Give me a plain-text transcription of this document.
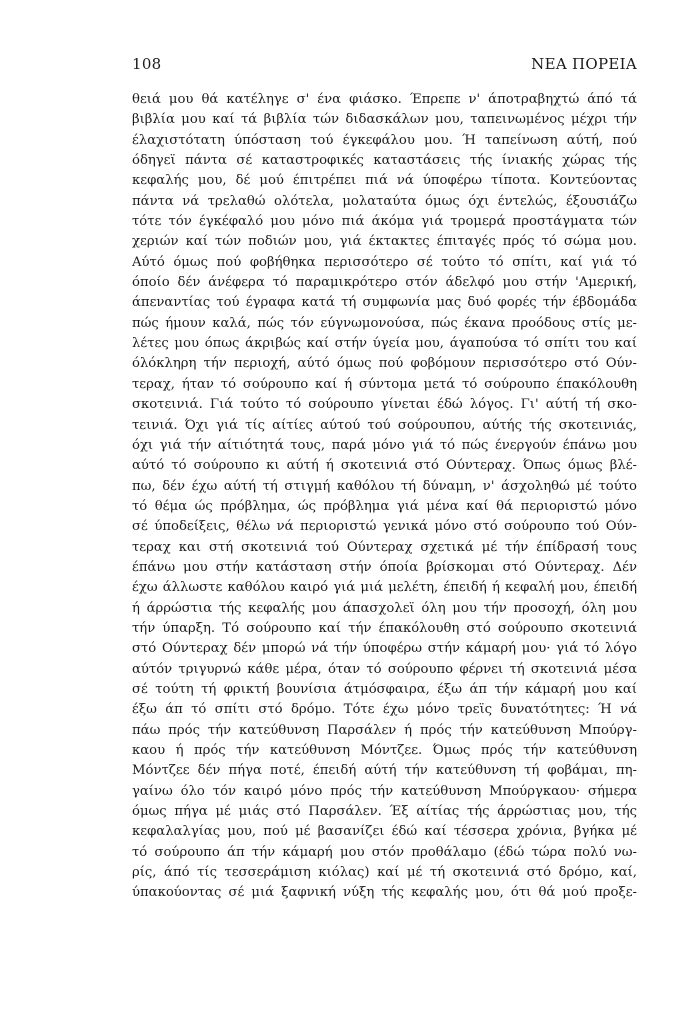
108	ΝΕΑ ΠΟΡΕΙΑ
θειά μου θά κατέληγε σ' ένα φιάσκο. Έπρεπε ν' άποτραβηχτώ άπό τά
βιβλία μου καί τά βιβλία τών διδασκάλων μου, ταπεινωμένος μέχρι τήν
έλαχιστότατη ύπόσταση τού έγκεφάλου μου. Ή ταπείνωση αύτή, πού
όδηγεϊ πάντα σέ καταστροφικές καταστάσεις τής ίνιακής χώρας τής
κεφαλής μου, δέ μού έπιτρέπει πιά νά ύποφέρω τίποτα. Κοντεύοντας
πάντα νά τρελαθώ ολότελα, μολαταύτα όμως όχι έντελώς, έξουσιάζω
τότε τόν έγκέφαλό μου μόνο πιά άκόμα γιά τρομερά προστάγματα τών
χεριών καί τών ποδιών μου, γιά έκτακτες έπιταγές πρός τό σώμα μου.
Αύτό όμως πού φοβήθηκα περισσότερο σέ τούτο τό σπίτι, καί γιά τό
όποίο δέν άνέφερα τό παραμικρότερο στόν άδελφό μου στήν 'Αμερική,
άπεναντίας τού έγραφα κατά τή συμφωνία μας δυό φορές τήν έβδομάδα
πώς ήμουν καλά, πώς τόν εύγνωμονούσα, πώς έκανα προόδους στίς με-
λέτες μου όπως άκριβώς καί στήν ύγεία μου, άγαπούσα τό σπίτι του καί
όλόκληρη τήν περιοχή, αύτό όμως πού φοβόμουν περισσότερο στό Ούν-
τεραχ, ήταν τό σούρουπο καί ή σύντομα μετά τό σούρουπο έπακόλουθη
σκοτεινιά. Γιά τούτο τό σούρουπο γίνεται έδώ λόγος. Γι' αύτή τή σκο-
τεινιά. Όχι γιά τίς αίτίες αύτού τού σούρουπου, αύτής τής σκοτεινιάς,
όχι γιά τήν αίτιότητά τους, παρά μόνο γιά τό πώς ένεργούν έπάνω μου
αύτό τό σούρουπο κι αύτή ή σκοτεινιά στό Ούντεραχ. Όπως όμως βλέ-
πω, δέν έχω αύτή τή στιγμή καθόλου τή δύναμη, ν' άσχοληθώ μέ τούτο
τό θέμα ώς πρόβλημα, ώς πρόβλημα γιά μένα καί θά περιοριστώ μόνο
σέ ύποδείξεις, θέλω νά περιοριστώ γενικά μόνο στό σούρουπο τού Ούν-
τεραχ και στή σκοτεινιά τού Ούντεραχ σχετικά μέ τήν έπίδρασή τους
έπάνω μου στήν κατάσταση στήν όποία βρίσκομαι στό Ούντεραχ. Δέν
έχω άλλωστε καθόλου καιρό γιά μιά μελέτη, έπειδή ή κεφαλή μου, έπειδή
ή άρρώστια τής κεφαλής μου άπασχολεϊ όλη μου τήν προσοχή, όλη μου
τήν ύπαρξη. Τό σούρουπο καί τήν έπακόλουθη στό σούρουπο σκοτεινιά
στό Ούντεραχ δέν μπορώ νά τήν ύποφέρω στήν κάμαρή μου· γιά τό λόγο
αύτόν τριγυρνώ κάθε μέρα, όταν τό σούρουπο φέρνει τή σκοτεινιά μέσα
σέ τούτη τή φρικτή βουνίσια άτμόσφαιρα, έξω άπ τήν κάμαρή μου καί
έξω άπ τό σπίτι στό δρόμο. Τότε έχω μόνο τρεϊς δυνατότητες: Ή νά
πάω πρός τήν κατεύθυνση Παρσάλεν ή πρός τήν κατεύθυνση Μπούργ-
καου ή πρός τήν κατεύθυνση Μόντζεε. Όμως πρός τήν κατεύθυνση
Μόντζεε δέν πήγα ποτέ, έπειδή αύτή τήν κατεύθυνση τή φοβάμαι, πη-
γαίνω όλο τόν καιρό μόνο πρός τήν κατεύθυνση Μπούργκαου· σήμερα
όμως πήγα μέ μιάς στό Παρσάλεν. Έξ αίτίας τής άρρώστιας μου, τής
κεφαλαλγίας μου, πού μέ βασανίζει έδώ καί τέσσερα χρόνια, βγήκα μέ
τό σούρουπο άπ τήν κάμαρή μου στόν προθάλαμο (έδώ τώρα πολύ νω-
ρίς, άπό τίς τεσσεράμιση κιόλας) καί μέ τή σκοτεινιά στό δρόμο, καί,
ύπακούοντας σέ μιά ξαφνική νύξη τής κεφαλής μου, ότι θά μού προξε-
